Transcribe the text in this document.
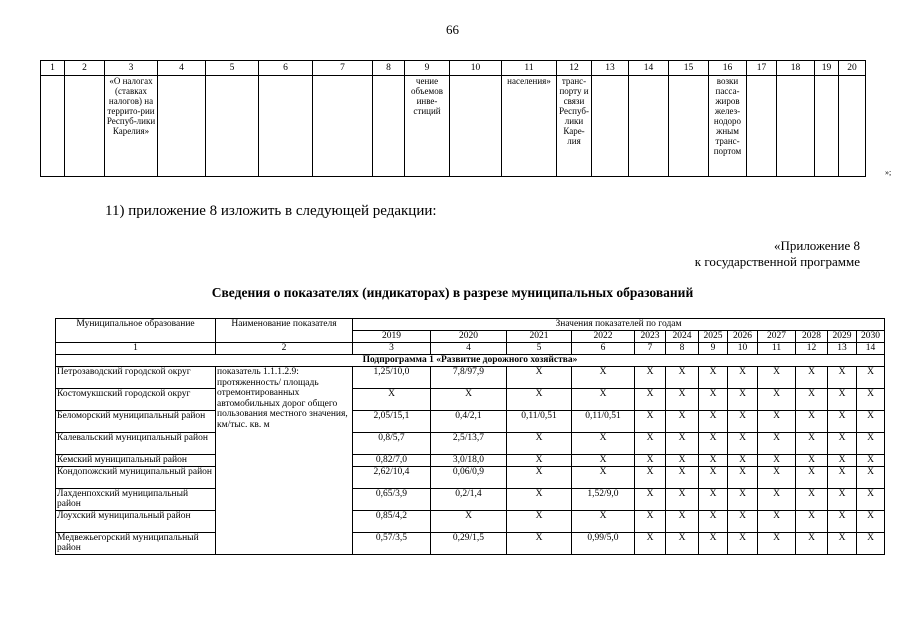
66
1	2	3	4	5	6	7	8	9	10	11	12	13	14	15	16	17	18	19	20
		«О налогах (ставках налогов) на террито-рии Респуб-лики Карелия»						чение объемов инве-стиций		населения»	транс-порту и связи Респуб-лики Каре-лия				возки пасса-жиров желез-нодоро жным транс-портом				
»;
11) приложение 8 изложить в следующей редакции:
«Приложение 8
к государственной программе
Сведения о показателях (индикаторах) в разрезе муниципальных образований
Муниципальное образование	Наименование показателя	Значения показателей по годам											
		2019	2020	2021	2022	2023	2024	2025	2026	2027	2028	2029	2030
1	2	3	4	5	6	7	8	9	10	11	12	13	14
Подпрограмма 1 «Развитие дорожного хозяйства»													
Петрозаводский городской округ	показатель 1.1.1.2.9: протяженность/ площадь отремонтированных автомобильных дорог общего пользования местного значения, км/тыс. кв. м	1,25/10,0	7,8/97,9	X	X	X	X	X	X	X	X	X	X
Костомукшский городской округ		X	X	X	X	X	X	X	X	X	X	X	X
Беломорский муниципальный район		2,05/15,1	0,4/2,1	0,11/0,51	0,11/0,51	X	X	X	X	X	X	X	X
Калевальский муниципальный район		0,8/5,7	2,5/13,7	X	X	X	X	X	X	X	X	X	X
Кемский муниципальный район		0,82/7,0	3,0/18,0	X	X	X	X	X	X	X	X	X	X
Кондопожский муниципальный район		2,62/10,4	0,06/0,9	X	X	X	X	X	X	X	X	X	X
Лахденпохский муниципальный район		0,65/3,9	0,2/1,4	X	1,52/9,0	X	X	X	X	X	X	X	X
Лоухский муниципальный район		0,85/4,2	X	X	X	X	X	X	X	X	X	X	X
Медвежьегорский муниципальный район		0,57/3,5	0,29/1,5	X	0,99/5,0	X	X	X	X	X	X	X	X
